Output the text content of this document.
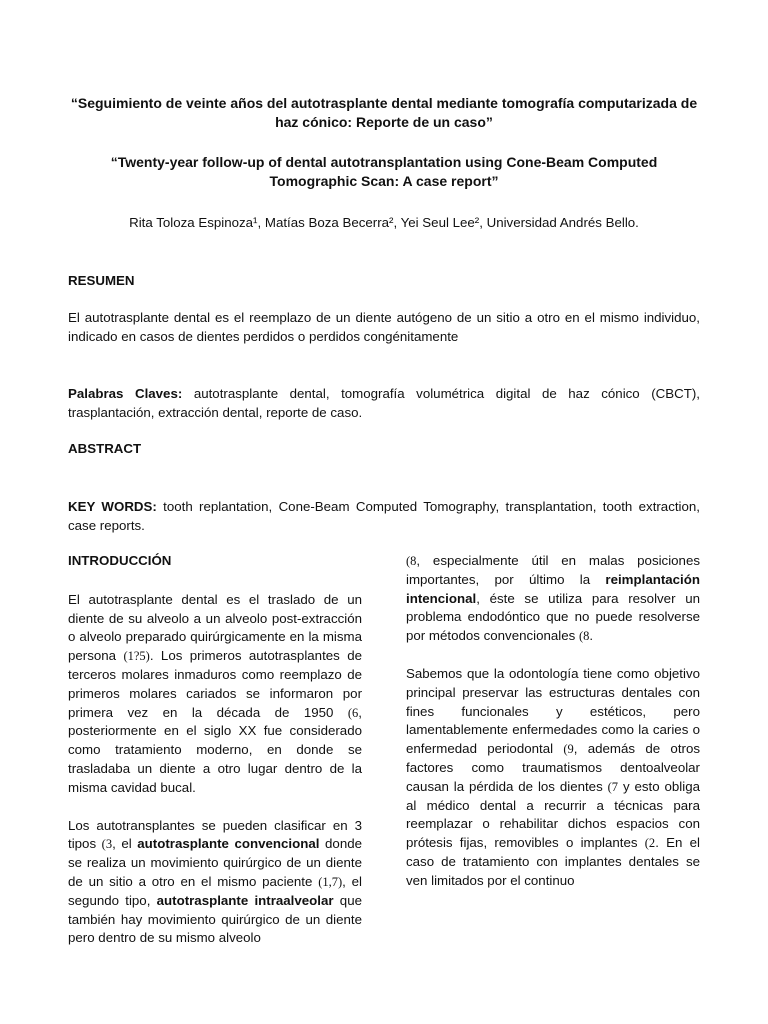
“Seguimiento de veinte años del autotrasplante dental mediante tomografía computarizada de haz cónico: Reporte de un caso”

“Twenty-year follow-up of dental autotransplantation using Cone-Beam Computed Tomographic Scan: A case report”

Rita Toloza Espinoza¹, Matías Boza Becerra², Yei Seul Lee², Universidad Andrés Bello.

RESUMEN

El autotrasplante dental es el reemplazo de un diente autógeno de un sitio a otro en el mismo individuo, indicado en casos de dientes perdidos o perdidos congénitamente

Palabras Claves: autotrasplante dental, tomografía volumétrica digital de haz cónico (CBCT), trasplantación, extracción dental, reporte de caso.

ABSTRACT

KEY WORDS: tooth replantation, Cone-Beam Computed Tomography, transplantation, tooth extraction, case reports.

INTRODUCCIÓN

El autotrasplante dental es el traslado de un diente de su alveolo a un alveolo post-extracción o alveolo preparado quirúrgicamente en la misma persona (1?5). Los primeros autotrasplantes de terceros molares inmaduros como reemplazo de primeros molares cariados se informaron por primera vez en la década de 1950 (6, posteriormente en el siglo XX fue considerado como tratamiento moderno, en donde se trasladaba un diente a otro lugar dentro de la misma cavidad bucal.

Los autotransplantes se pueden clasificar en 3 tipos (3, el autotrasplante convencional donde se realiza un movimiento quirúrgico de un diente de un sitio a otro en el mismo paciente (1,7), el segundo tipo, autotrasplante intraalveolar que también hay movimiento quirúrgico de un diente pero dentro de su mismo alveolo

(8, especialmente útil en malas posiciones importantes, por último la reimplantación intencional, éste se utiliza para resolver un problema endodóntico que no puede resolverse por métodos convencionales (8.

Sabemos que la odontología tiene como objetivo principal preservar las estructuras dentales con fines funcionales y estéticos, pero lamentablemente enfermedades como la caries o enfermedad periodontal (9, además de otros factores como traumatismos dentoalveolar causan la pérdida de los dientes (7 y esto obliga al médico dental a recurrir a técnicas para reemplazar o rehabilitar dichos espacios con prótesis fijas, removibles o implantes (2. En el caso de tratamiento con implantes dentales se ven limitados por el continuo
